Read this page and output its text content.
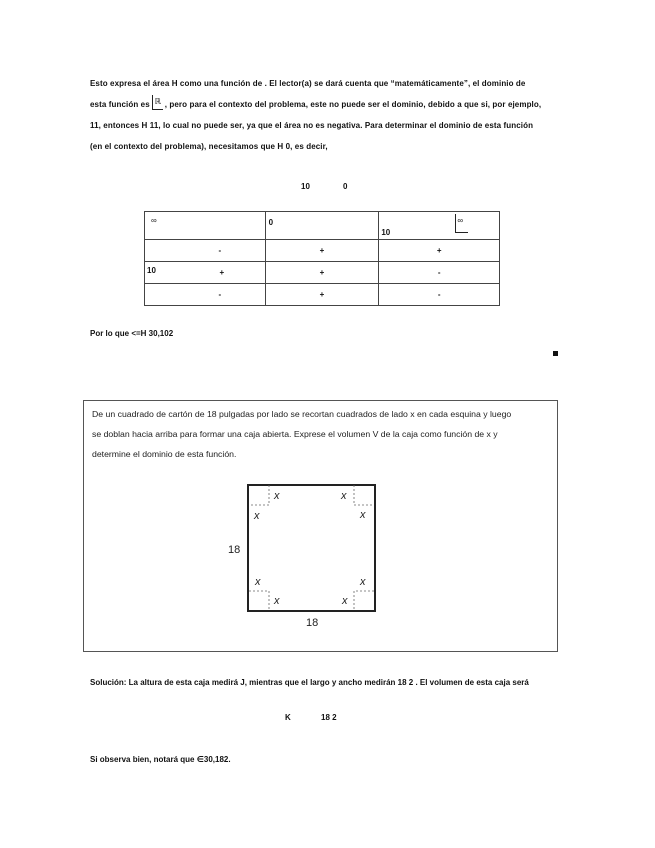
Esto expresa el área H como una función de . El lector(a) se dará cuenta que “matemáticamente”, el dominio de
esta función es ℝ , pero para el contexto del problema, este no puede ser el dominio, debido a que si, por ejemplo,
11, entonces H 11, lo cual no puede ser, ya que el área no es negativa. Para determinar el dominio de esta función
(en el contexto del problema), necesitamos que H 0, es decir,
10	0
∞	0	10
∞

-	+	+

10 +	+	-

-	+	-
Por lo que <=H 30,102
De un cuadrado de cartón de 18 pulgadas por lado se recortan cuadrados de lado x en cada esquina y luego
se doblan hacia arriba para formar una caja abierta. Exprese el volumen V de la caja como función de x y
determine el dominio de esta función.
x
x
x
x
x
x
x
x
18
18
Solución: La altura de esta caja medirá J, mientras que el largo y ancho medirán 18 2 . El volumen de esta caja será
K	18 2
Si observa bien, notará que ∈30,182.
